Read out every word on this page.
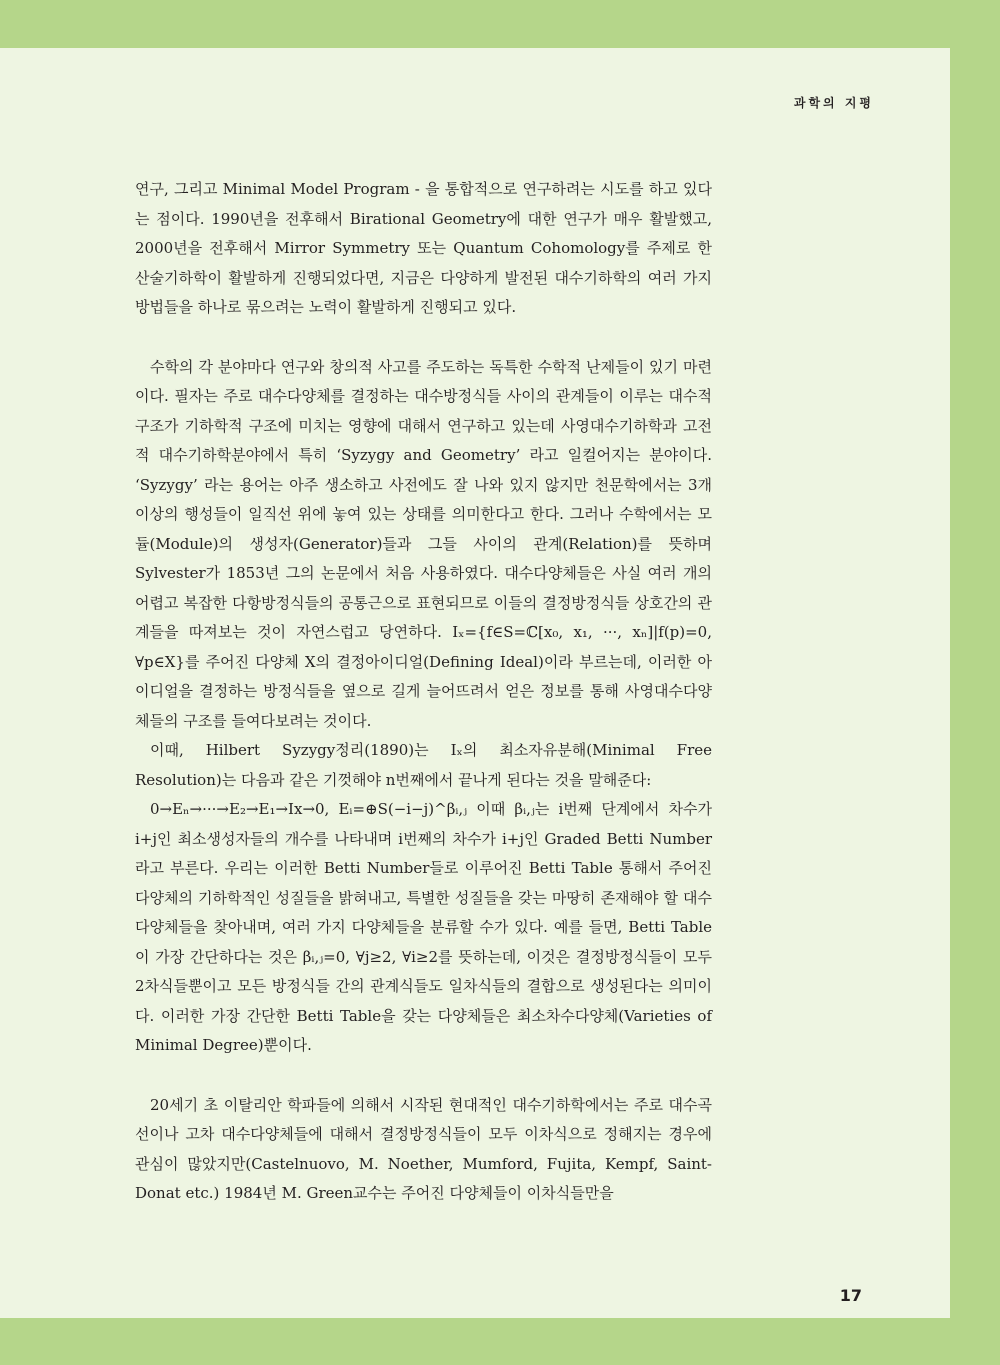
과학의 지평

연구, 그리고 Minimal Model Program - 을 통합적으로 연구하려는 시도를 하고 있다는 점이다. 1990년을 전후해서 Birational Geometry에 대한 연구가 매우 활발했고, 2000년을 전후해서 Mirror Symmetry 또는 Quantum Cohomology를 주제로 한 산술기하학이 활발하게 진행되었다면, 지금은 다양하게 발전된 대수기하학의 여러 가지 방법들을 하나로 묶으려는 노력이 활발하게 진행되고 있다.

수학의 각 분야마다 연구와 창의적 사고를 주도하는 독특한 수학적 난제들이 있기 마련이다. 필자는 주로 대수다양체를 결정하는 대수방정식들 사이의 관계들이 이루는 대수적 구조가 기하학적 구조에 미치는 영향에 대해서 연구하고 있는데 사영대수기하학과 고전적 대수기하학분야에서 특히 ‘Syzygy and Geometry’ 라고 일컬어지는 분야이다. ‘Syzygy’ 라는 용어는 아주 생소하고 사전에도 잘 나와 있지 않지만 천문학에서는 3개 이상의 행성들이 일직선 위에 놓여 있는 상태를 의미한다고 한다. 그러나 수학에서는 모듈(Module)의 생성자(Generator)들과 그들 사이의 관계(Relation)를 뜻하며 Sylvester가 1853년 그의 논문에서 처음 사용하였다. 대수다양체들은 사실 여러 개의 어렵고 복잡한 다항방정식들의 공통근으로 표현되므로 이들의 결정방정식들 상호간의 관계들을 따져보는 것이 자연스럽고 당연하다. Iₓ={f∈S=ℂ[x₀, x₁, ···, xₙ]|f(p)=0, ∀p∈X}를 주어진 다양체 X의 결정아이디얼(Defining Ideal)이라 부르는데, 이러한 아이디얼을 결정하는 방정식들을 옆으로 길게 늘어뜨려서 얻은 정보를 통해 사영대수다양체들의 구조를 들여다보려는 것이다.

이때, Hilbert Syzygy정리(1890)는 Iₓ의 최소자유분해(Minimal Free Resolution)는 다음과 같은 기껏해야 n번째에서 끝나게 된다는 것을 말해준다:

0→Eₙ→···→E₂→E₁→Ix→0, Eᵢ=⊕S(−i−j)^βᵢ,ⱼ 이때 βᵢ,ⱼ는 i번째 단계에서 차수가 i+j인 최소생성자들의 개수를 나타내며 i번째의 차수가 i+j인 Graded Betti Number라고 부른다. 우리는 이러한 Betti Number들로 이루어진 Betti Table 통해서 주어진 다양체의 기하학적인 성질들을 밝혀내고, 특별한 성질들을 갖는 마땅히 존재해야 할 대수다양체들을 찾아내며, 여러 가지 다양체들을 분류할 수가 있다. 예를 들면, Betti Table이 가장 간단하다는 것은 βᵢ,ⱼ=0, ∀j≥2, ∀i≥2를 뜻하는데, 이것은 결정방정식들이 모두 2차식들뿐이고 모든 방정식들 간의 관계식들도 일차식들의 결합으로 생성된다는 의미이다. 이러한 가장 간단한 Betti Table을 갖는 다양체들은 최소차수다양체(Varieties of Minimal Degree)뿐이다.

20세기 초 이탈리안 학파들에 의해서 시작된 현대적인 대수기하학에서는 주로 대수곡선이나 고차 대수다양체들에 대해서 결정방정식들이 모두 이차식으로 정해지는 경우에 관심이 많았지만(Castelnuovo, M. Noether, Mumford, Fujita, Kempf, Saint-Donat etc.) 1984년 M. Green교수는 주어진 다양체들이 이차식들만을

17
